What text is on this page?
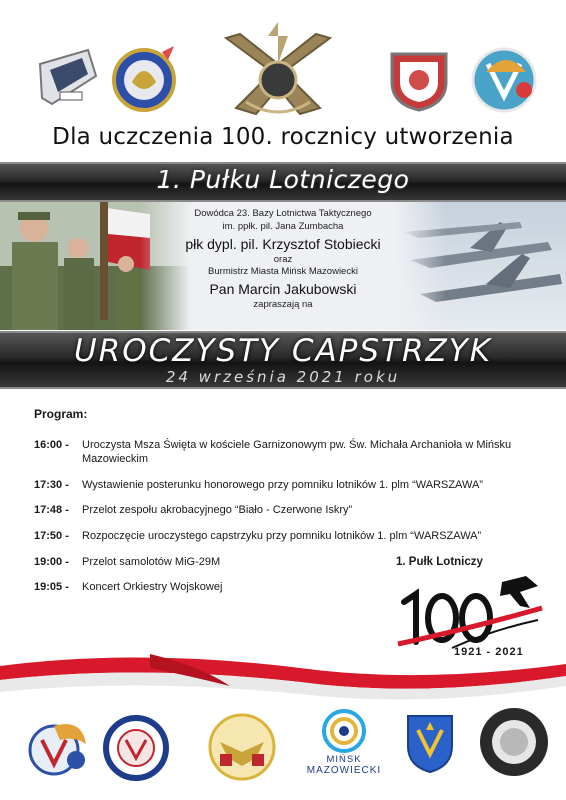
Dla uczczenia 100. rocznicy utworzenia
1. Pułku Lotniczego
Dowódca 23. Bazy Lotnictwa Taktycznego
im. ppłk. pil. Jana Zumbacha
płk dypl. pil. Krzysztof Stobiecki
oraz
Burmistrz Miasta Mińsk Mazowiecki
Pan Marcin Jakubowski
zapraszają na
UROCZYSTY CAPSTRZYK
24 września 2021 roku
Program:
16:00 -	Uroczysta Msza Święta w kościele Garnizonowym pw. Św. Michała Archanioła w Mińsku Mazowieckim
17:30 -	Wystawienie posterunku honorowego przy pomniku lotników 1. plm “WARSZAWA”
17:48 -	Przelot zespołu akrobacyjnego “Biało - Czerwone Iskry”
17:50 -	Rozpoczęcie uroczystego capstrzyku przy pomniku lotników 1. plm “WARSZAWA”
19:00 -	Przelot samolotów MiG-29M
19:05 -	Koncert Orkiestry Wojskowej
1. Pułk Lotniczy
1921 - 2021
MIŃSK
MAZOWIECKI
